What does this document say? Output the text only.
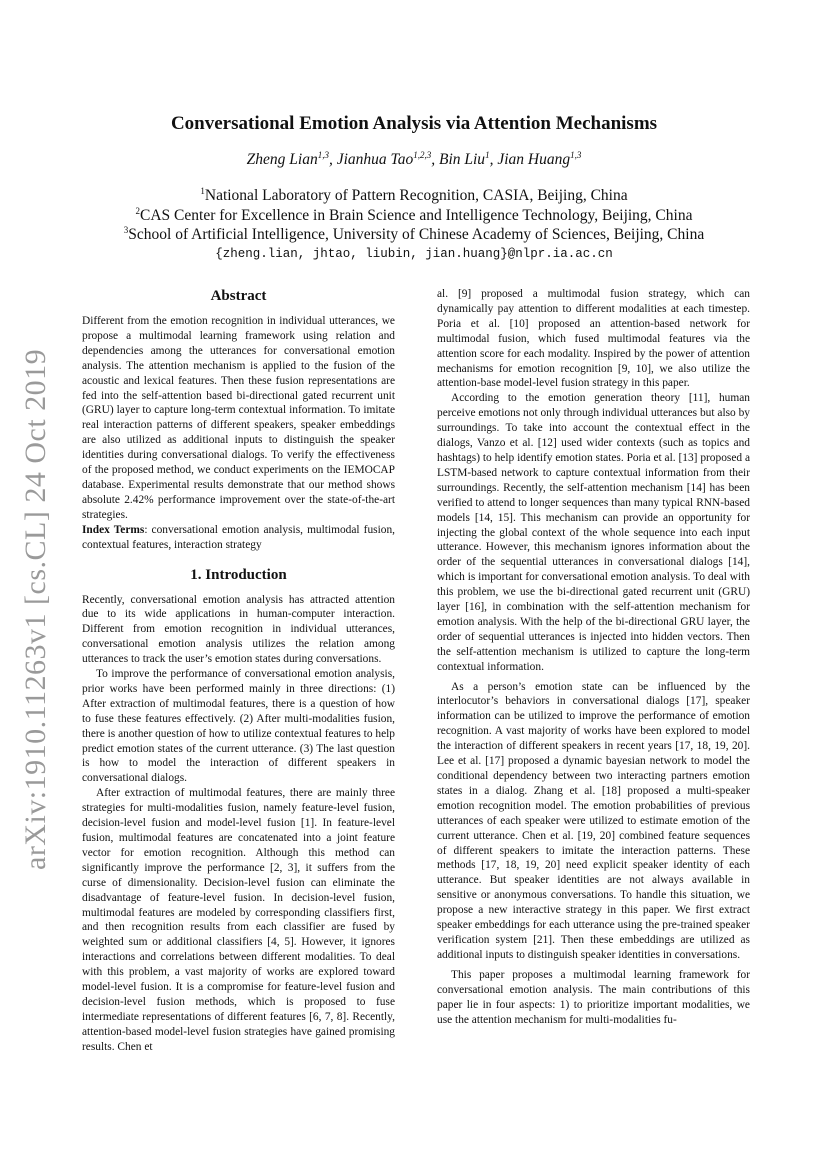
arXiv:1910.11263v1 [cs.CL] 24 Oct 2019
Conversational Emotion Analysis via Attention Mechanisms
Zheng Lian$^{1,3}$, Jianhua Tao$^{1,2,3}$, Bin Liu$^1$, Jian Huang$^{1,3}$
$^1$National Laboratory of Pattern Recognition, CASIA, Beijing, China
$^2$CAS Center for Excellence in Brain Science and Intelligence Technology, Beijing, China
$^3$School of Artificial Intelligence, University of Chinese Academy of Sciences, Beijing, China
{zheng.lian, jhtao, liubin, jian.huang}@nlpr.ia.ac.cn
Abstract

Different from the emotion recognition in individual utterances, we propose a multimodal learning framework using relation and dependencies among the utterances for conversational emotion analysis. The attention mechanism is applied to the fusion of the acoustic and lexical features. Then these fusion representations are fed into the self-attention based bi-directional gated recurrent unit (GRU) layer to capture long-term contextual information. To imitate real interaction patterns of different speakers, speaker embeddings are also utilized as additional inputs to distinguish the speaker identities during conversational dialogs. To verify the effectiveness of the proposed method, we conduct experiments on the IEMOCAP database. Experimental results demonstrate that our method shows absolute 2.42% performance improvement over the state-of-the-art strategies.

Index Terms: conversational emotion analysis, multimodal fusion, contextual features, interaction strategy

1. Introduction

Recently, conversational emotion analysis has attracted attention due to its wide applications in human-computer interaction. Different from emotion recognition in individual utterances, conversational emotion analysis utilizes the relation among utterances to track the user’s emotion states during conversations.

To improve the performance of conversational emotion analysis, prior works have been performed mainly in three directions: (1) After extraction of multimodal features, there is a question of how to fuse these features effectively. (2) After multi-modalities fusion, there is another question of how to utilize contextual features to help predict emotion states of the current utterance. (3) The last question is how to model the interaction of different speakers in conversational dialogs.

After extraction of multimodal features, there are mainly three strategies for multi-modalities fusion, namely feature-level fusion, decision-level fusion and model-level fusion [1]. In feature-level fusion, multimodal features are concatenated into a joint feature vector for emotion recognition. Although this method can significantly improve the performance [2, 3], it suffers from the curse of dimensionality. Decision-level fusion can eliminate the disadvantage of feature-level fusion. In decision-level fusion, multimodal features are modeled by corresponding classifiers first, and then recognition results from each classifier are fused by weighted sum or additional classifiers [4, 5]. However, it ignores interactions and correlations between different modalities. To deal with this problem, a vast majority of works are explored toward model-level fusion. It is a compromise for feature-level fusion and decision-level fusion methods, which is proposed to fuse intermediate representations of different features [6, 7, 8]. Recently, attention-based model-level fusion strategies have gained promising results. Chen et

al. [9] proposed a multimodal fusion strategy, which can dynamically pay attention to different modalities at each timestep. Poria et al. [10] proposed an attention-based network for multimodal fusion, which fused multimodal features via the attention score for each modality. Inspired by the power of attention mechanisms for emotion recognition [9, 10], we also utilize the attention-base model-level fusion strategy in this paper.

According to the emotion generation theory [11], human perceive emotions not only through individual utterances but also by surroundings. To take into account the contextual effect in the dialogs, Vanzo et al. [12] used wider contexts (such as topics and hashtags) to help identify emotion states. Poria et al. [13] proposed a LSTM-based network to capture contextual information from their surroundings. Recently, the self-attention mechanism [14] has been verified to attend to longer sequences than many typical RNN-based models [14, 15]. This mechanism can provide an opportunity for injecting the global context of the whole sequence into each input utterance. However, this mechanism ignores information about the order of the sequential utterances in conversational dialogs [14], which is important for conversational emotion analysis. To deal with this problem, we use the bi-directional gated recurrent unit (GRU) layer [16], in combination with the self-attention mechanism for emotion analysis. With the help of the bi-directional GRU layer, the order of sequential utterances is injected into hidden vectors. Then the self-attention mechanism is utilized to capture the long-term contextual information.

As a person’s emotion state can be influenced by the interlocutor’s behaviors in conversational dialogs [17], speaker information can be utilized to improve the performance of emotion recognition. A vast majority of works have been explored to model the interaction of different speakers in recent years [17, 18, 19, 20]. Lee et al. [17] proposed a dynamic bayesian network to model the conditional dependency between two interacting partners emotion states in a dialog. Zhang et al. [18] proposed a multi-speaker emotion recognition model. The emotion probabilities of previous utterances of each speaker were utilized to estimate emotion of the current utterance. Chen et al. [19, 20] combined feature sequences of different speakers to imitate the interaction patterns. These methods [17, 18, 19, 20] need explicit speaker identity of each utterance. But speaker identities are not always available in sensitive or anonymous conversations. To handle this situation, we propose a new interactive strategy in this paper. We first extract speaker embeddings for each utterance using the pre-trained speaker verification system [21]. Then these embeddings are utilized as additional inputs to distinguish speaker identities in conversations.

This paper proposes a multimodal learning framework for conversational emotion analysis. The main contributions of this paper lie in four aspects: 1) to prioritize important modalities, we use the attention mechanism for multi-modalities fu-
